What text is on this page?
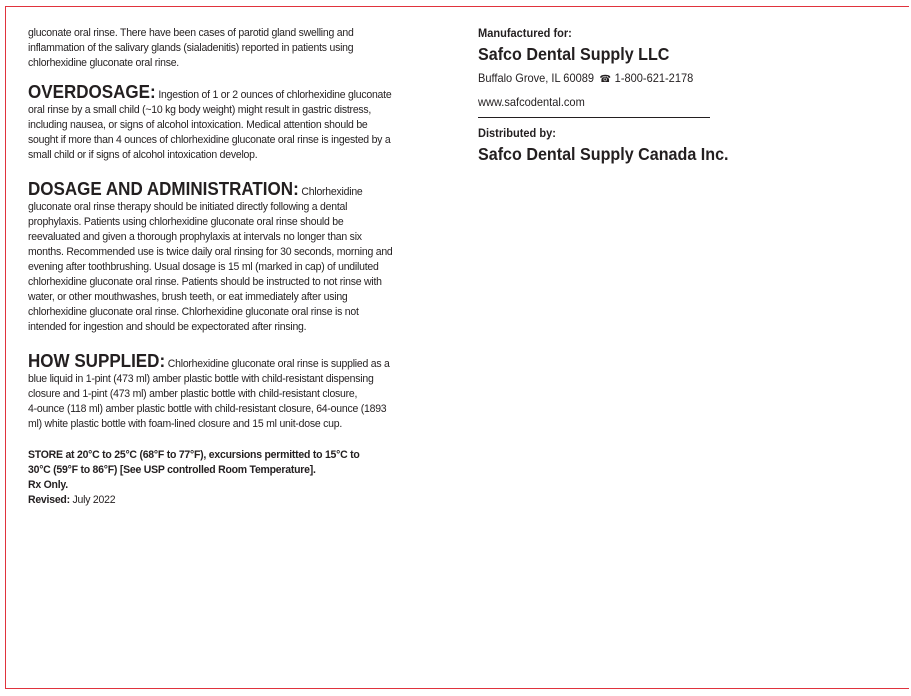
gluconate oral rinse. There have been cases of parotid gland swelling and inflammation of the salivary glands (sialadenitis) reported in patients using chlorhexidine gluconate oral rinse.

OVERDOSAGE: Ingestion of 1 or 2 ounces of chlorhexidine gluconate

oral rinse by a small child (~10 kg body weight) might result in gastric distress,

including nausea, or signs of alcohol intoxication. Medical attention should be

sought if more than 4 ounces of chlorhexidine gluconate oral rinse is ingested by a

small child or if signs of alcohol intoxication develop.

DOSAGE AND ADMINISTRATION: Chlorhexidine

gluconate oral rinse therapy should be initiated directly following a dental

prophylaxis. Patients using chlorhexidine gluconate oral rinse should be

reevaluated and given a thorough prophylaxis at intervals no longer than six

months. Recommended use is twice daily oral rinsing for 30 seconds, morning and

evening after toothbrushing. Usual dosage is 15 ml (marked in cap) of undiluted

chlorhexidine gluconate oral rinse. Patients should be instructed to not rinse with

water, or other mouthwashes, brush teeth, or eat immediately after using

chlorhexidine gluconate oral rinse. Chlorhexidine gluconate oral rinse is not

intended for ingestion and should be expectorated after rinsing.

HOW SUPPLIED: Chlorhexidine gluconate oral rinse is supplied as a

blue liquid in 1-pint (473 ml) amber plastic bottle with child-resistant dispensing

closure and 1-pint (473 ml) amber plastic bottle with child-resistant closure,

4-ounce (118 ml) amber plastic bottle with child-resistant closure, 64-ounce (1893

ml) white plastic bottle with foam-lined closure and 15 ml unit-dose cup.

STORE at 20°C to 25°C (68°F to 77°F), excursions permitted to 15°C to

30°C (59°F to 86°F) [See USP controlled Room Temperature].

Rx Only.

Revised: July 2022

Manufactured for:
Safco Dental Supply LLC
Buffalo Grove, IL 60089 ☎ 1-800-621-2178
www.safcodental.com
Distributed by:
Safco Dental Supply Canada Inc.
